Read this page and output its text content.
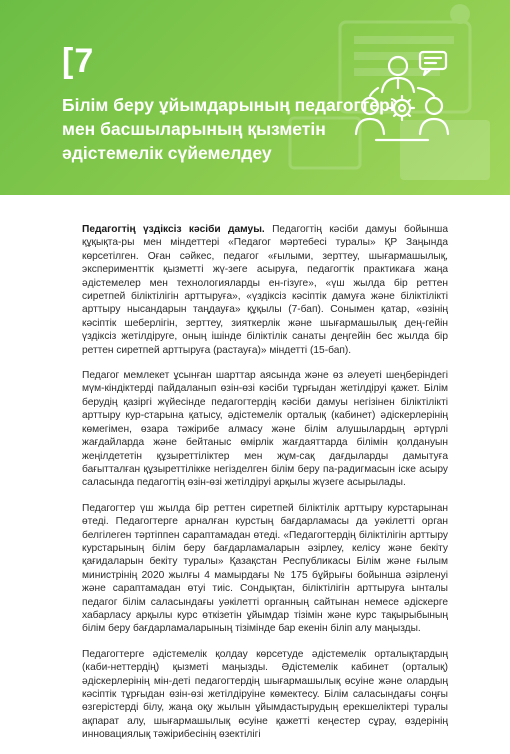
[7
Білім беру ұйымдарының педагогтері
мен басшыларының қызметін
әдістемелік сүйемелдеу

Педагогтің үздіксіз кәсіби дамуы. Педагогтің кәсіби дамуы бойынша құқықта-ры мен міндеттері «Педагог мәртебесі туралы» ҚР Заңында көрсетілген. Оған сәйкес, педагог «ғылыми, зерттеу, шығармашылық, эксперименттік қызметті жү-зеге асыруға, педагогтік практикаға жаңа әдістемелер мен технологияларды ен-гізуге», «үш жылда бір реттен сиретпей біліктілігін арттыруға», «үздіксіз кәсіптік дамуға және біліктілікті арттыру нысандарын таңдауға» құқылы (7-бап). Сонымен қатар, «өзінің кәсіптік шеберлігін, зерттеу, зияткерлік және шығармашылық дең-гейін үздіксіз жетілдіруге, оның ішінде біліктілік санаты деңгейін бес жылда бір реттен сиретпей арттыруға (растауға)» міндетті (15-бап).

Педагог мемлекет ұсынған шарттар аясында және өз әлеуеті шеңберіндегі мүм-кіндіктерді пайдаланып өзін-өзі кәсіби тұрғыдан жетілдіруі қажет. Білім берудің қазіргі жүйесінде педагогтердің кәсіби дамуы негізінен біліктілікті арттыру кур-старына қатысу, әдістемелік орталық (кабинет) әдіскерлерінің көмегімен, өзара тәжірибе алмасу және білім алушылардың әртүрлі жағдайларда және бейтаныс өмірлік жағдаяттарда білімін қолдануын жеңілдететін құзыреттіліктер мен жұм-сақ дағдыларды дамытуға бағытталған құзыреттілікке негізделген білім беру па-радигмасын іске асыру саласында педагогтің өзін-өзі жетілдіруі арқылы жүзеге асырылады.

Педагогтер үш жылда бір реттен сиретпей біліктілік арттыру курстарынан өтеді. Педагогтерге арналған курстың бағдарламасы да уәкілетті орган белгілеген тәртіппен сараптамадан өтеді. «Педагогтердің біліктілігін арттыру курстарының білім беру бағдарламаларын әзірлеу, келісу және бекіту қағидаларын бекіту туралы» Қазақстан Республикасы Білім және ғылым министрінің 2020 жылғы 4 мамырдағы № 175 бұйрығы бойынша әзірленуі және сараптамадан өтуі тиіс. Сондықтан, біліктілігін арттыруға ынталы педагог білім саласындағы уәкілетті органның сайтынан немесе әдіскерге хабарласу арқылы курс өткізетін ұйымдар тізімін және курс тақырыбының білім беру бағдарламаларының тізімінде бар екенін біліп алу маңызды.

Педагогтерге әдістемелік қолдау көрсетуде әдістемелік орталықтардың (каби-неттердің) қызметі маңызды. Әдістемелік кабинет (орталық) әдіскерлерінің мін-деті педагогтердің шығармашылық өсуіне және олардың кәсіптік тұрғыдан өзін-өзі жетілдіруіне көмектесу. Білім саласындағы соңғы өзгерістерді білу, жаңа оқу жылын ұйымдастырудың ерекшеліктері туралы ақпарат алу, шығармашылық өсуіне қажетті кеңестер сұрау, өздерінің инновациялық тәжірибесінің өзектілігі
